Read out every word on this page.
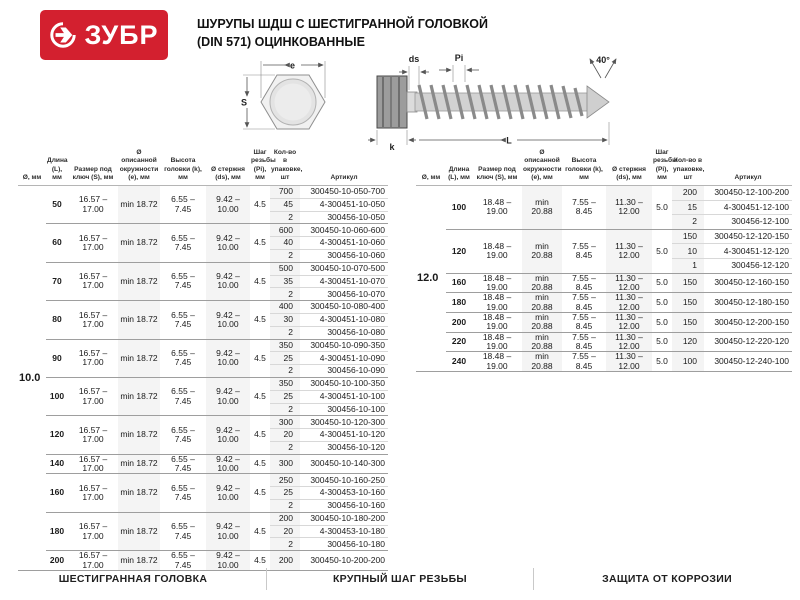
ЗУБР	ШУРУПЫ ШДШ С ШЕСТИГРАННОЙ ГОЛОВКОЙ
(DIN 571) ОЦИНКОВАННЫЕ
e
S
40°
ds	Pi
k
L
Ø, мм	Длина (L), мм	Размер под ключ (S), мм	Ø описанной окружности (e), мм	Высота головки (k), мм	Ø стержня (ds), мм	Шаг резьбы (Pi), мм	Кол-во в упаковке, шт	Артикул
10.0	50	16.57 – 17.00	min 18.72	6.55 – 7.45	9.42 – 10.00	4.5	700	300450-10-050-700
							45	4-300451-10-050
							2	300456-10-050
	60	16.57 – 17.00	min 18.72	6.55 – 7.45	9.42 – 10.00	4.5	600	300450-10-060-600
							40	4-300451-10-060
							2	300456-10-060
	70	16.57 – 17.00	min 18.72	6.55 – 7.45	9.42 – 10.00	4.5	500	300450-10-070-500
							35	4-300451-10-070
							2	300456-10-070
	80	16.57 – 17.00	min 18.72	6.55 – 7.45	9.42 – 10.00	4.5	400	300450-10-080-400
							30	4-300451-10-080
							2	300456-10-080
	90	16.57 – 17.00	min 18.72	6.55 – 7.45	9.42 – 10.00	4.5	350	300450-10-090-350
							25	4-300451-10-090
							2	300456-10-090
	100	16.57 – 17.00	min 18.72	6.55 – 7.45	9.42 – 10.00	4.5	350	300450-10-100-350
							25	4-300451-10-100
							2	300456-10-100
	120	16.57 – 17.00	min 18.72	6.55 – 7.45	9.42 – 10.00	4.5	300	300450-10-120-300
							20	4-300451-10-120
							2	300456-10-120
	140	16.57 – 17.00	min 18.72	6.55 – 7.45	9.42 – 10.00	4.5	300	300450-10-140-300
	160	16.57 – 17.00	min 18.72	6.55 – 7.45	9.42 – 10.00	4.5	250	300450-10-160-250
							25	4-300453-10-160
							2	300456-10-160
	180	16.57 – 17.00	min 18.72	6.55 – 7.45	9.42 – 10.00	4.5	200	300450-10-180-200
							20	4-300453-10-180
							2	300456-10-180
	200	16.57 – 17.00	min 18.72	6.55 – 7.45	9.42 – 10.00	4.5	200	300450-10-200-200
Ø, мм	Длина (L), мм	Размер под ключ (S), мм	Ø описанной окружности (e), мм	Высота головки (k), мм	Ø стержня (ds), мм	Шаг резьбы (Pi), мм	Кол-во в упаковке, шт	Артикул
12.0	100	18.48 – 19.00	min 20.88	7.55 – 8.45	11.30 – 12.00	5.0	200	300450-12-100-200
							15	4-300451-12-100
							2	300456-12-100
	120	18.48 – 19.00	min 20.88	7.55 – 8.45	11.30 – 12.00	5.0	150	300450-12-120-150
							10	4-300451-12-120
							1	300456-12-120
	160	18.48 – 19.00	min 20.88	7.55 – 8.45	11.30 – 12.00	5.0	150	300450-12-160-150
	180	18.48 – 19.00	min 20.88	7.55 – 8.45	11.30 – 12.00	5.0	150	300450-12-180-150
	200	18.48 – 19.00	min 20.88	7.55 – 8.45	11.30 – 12.00	5.0	150	300450-12-200-150
	220	18.48 – 19.00	min 20.88	7.55 – 8.45	11.30 – 12.00	5.0	120	300450-12-220-120
	240	18.48 – 19.00	min 20.88	7.55 – 8.45	11.30 – 12.00	5.0	100	300450-12-240-100
ШЕСТИГРАННАЯ ГОЛОВКА	КРУПНЫЙ ШАГ РЕЗЬБЫ	ЗАЩИТА ОТ КОРРОЗИИ
